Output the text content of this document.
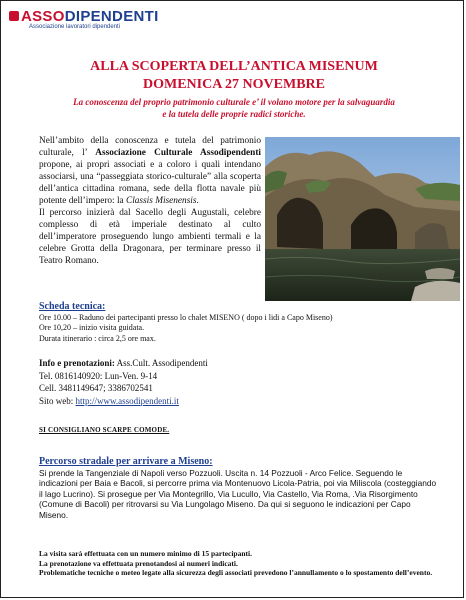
ASSODIPENDENTI
Associazione lavoratori dipendenti
ALLA SCOPERTA DELL’ANTICA MISENUM
DOMENICA 27 NOVEMBRE
La conoscenza del proprio patrimonio culturale e’ il volano motore per la salvaguardia
e la tutela delle proprie radici storiche.

Nell’ambito della conoscenza e tutela del patrimonio culturale, l’ Associazione Culturale Assodipendenti propone, ai propri associati e a coloro i quali intendano associarsi, una “passeggiata storico-culturale” alla scoperta dell’antica cittadina romana, sede della flotta navale più potente dell’impero: la Classis Misenensis.

Il percorso inizierà dal Sacello degli Augustali, celebre complesso di età imperiale destinato al culto dell’imperatore proseguendo lungo ambienti termali e la celebre Grotta della Dragonara, per terminare presso il Teatro Romano.

Scheda tecnica:
Ore 10.00 – Raduno dei partecipanti presso lo chalet MISENO ( dopo i lidi a Capo Miseno)
Ore 10,20 – inizio visita guidata.
Durata itinerario : circa 2,5 ore max.
Info e prenotazioni: Ass.Cult. Assodipendenti
Tel. 0816140920: Lun-Ven. 9-14
Cell. 3481149647; 3386702541
Sito web: http://www.assodipendenti.it
SI CONSIGLIANO SCARPE COMODE.
Percorso stradale per arrivare a Miseno:
Si prende la Tangenziale di Napoli verso Pozzuoli. Uscita n. 14 Pozzuoli - Arco Felice. Seguendo le indicazioni per Baia e Bacoli, si percorre prima via Montenuovo Licola-Patria, poi via Miliscola (costeggiando il lago Lucrino). Si prosegue per Via Montegrillo, Via Lucullo, Via Castello, Via Roma, .Via Risorgimento (Comune di Bacoli) per ritrovarsi su Via Lungolago Miseno. Da qui si seguono le indicazioni per Capo Miseno.
La visita sarà effettuata con un numero minimo di 15 partecipanti.
La prenotazione va effettuata prenotandosi ai numeri indicati.
Problematiche tecniche o meteo legate alla sicurezza degli associati prevedono l’annullamento o lo spostamento dell’evento.
